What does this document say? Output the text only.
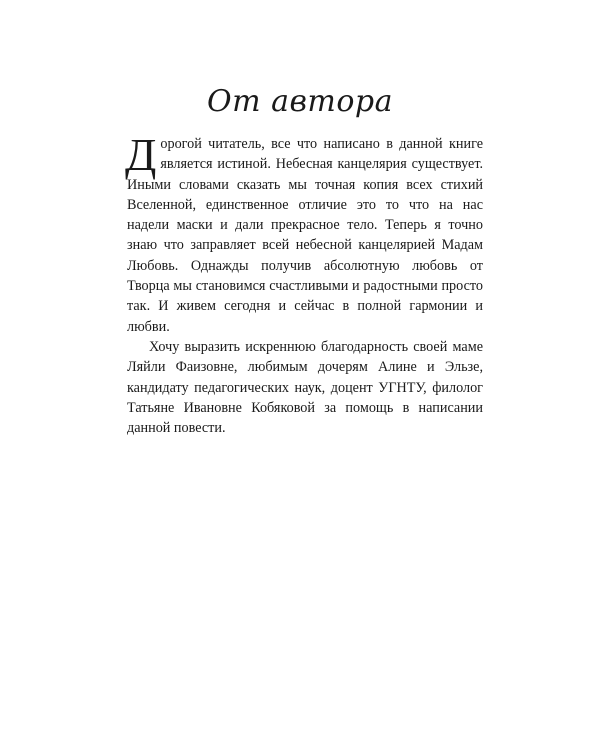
От автора

Дорогой читатель, все что написано в данной книге является истиной. Небесная канцелярия существует. Иными словами сказать мы точная копия всех стихий Вселенной, единственное отличие это то что на нас надели маски и дали прекрасное тело. Теперь я точно знаю что заправляет всей небесной канцелярией Мадам Любовь. Однажды получив абсолютную любовь от Творца мы становимся счастливыми и радостными просто так. И живем сегодня и сейчас в полной гармонии и любви.

Хочу выразить искреннюю благодарность своей маме Ляйли Фаизовне, любимым дочерям Алине и Эльзе, кандидату педагогических наук, доцент УГНТУ, филолог Татьяне Ивановне Кобяковой за помощь в написании данной повести.
